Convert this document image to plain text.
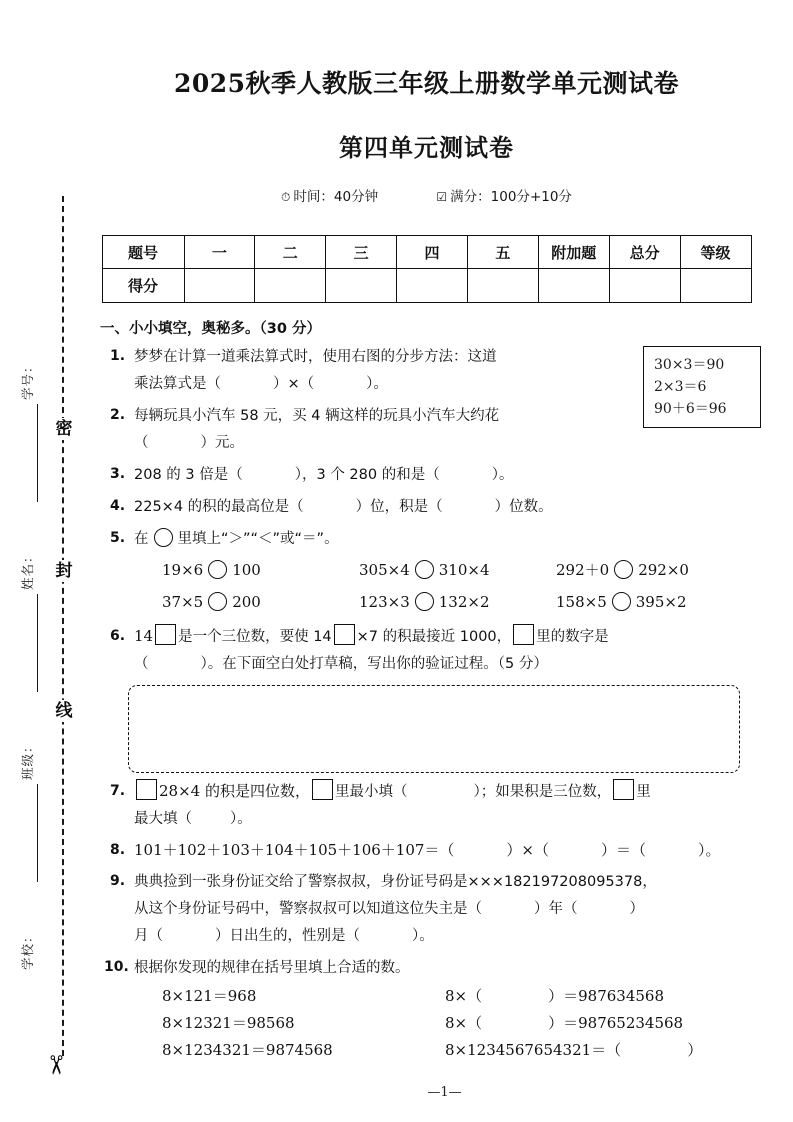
密
封
线
学号：
姓名：
班级：
学校：
✂
2025秋季人教版三年级上册数学单元测试卷
第四单元测试卷
⏱ 时间：40分钟	☑ 满分：100分+10分
题号	一	二	三	四	五	附加题	总分	等级
得分								
一、小小填空，奥秘多。（30 分）
30×3＝90
2×3＝6
90＋6＝96
1. 梦梦在计算一道乘法算式时，使用右图的分步方法：这道
乘法算式是（	）×（	）。
2. 每辆玩具小汽车 58 元，买 4 辆这样的玩具小汽车大约花
（	）元。
3. 208 的 3 倍是（	），3 个 280 的和是（	）。
4. 225×4 的积的最高位是（	）位，积是（	）位数。
5. 在 里填上“＞”“＜”或“＝”。
19×6 100	305×4 310×4	292＋0 292×0
37×5 200	123×3 132×2	158×5 395×2
6. 14 是一个三位数，要使 14 ×7 的积最接近 1000， 里的数字是
（	）。在下面空白处打草稿，写出你的验证过程。（5 分）
7. 28×4 的积是四位数， 里最小填（	）；如果积是三位数， 里
最大填（	）。
8. 101＋102＋103＋104＋105＋106＋107＝（	）×（	）＝（	）。
9. 典典捡到一张身份证交给了警察叔叔，身份证号码是×××182197208095378，
从这个身份证号码中，警察叔叔可以知道这位失主是（	）年（	）
月（	）日出生的，性别是（	）。
10. 根据你发现的规律在括号里填上合适的数。
8×121＝968	8×（	）＝987634568
8×12321＝98568	8×（	）＝98765234568
8×1234321＝9874568	8×1234567654321＝（	）
—1—
